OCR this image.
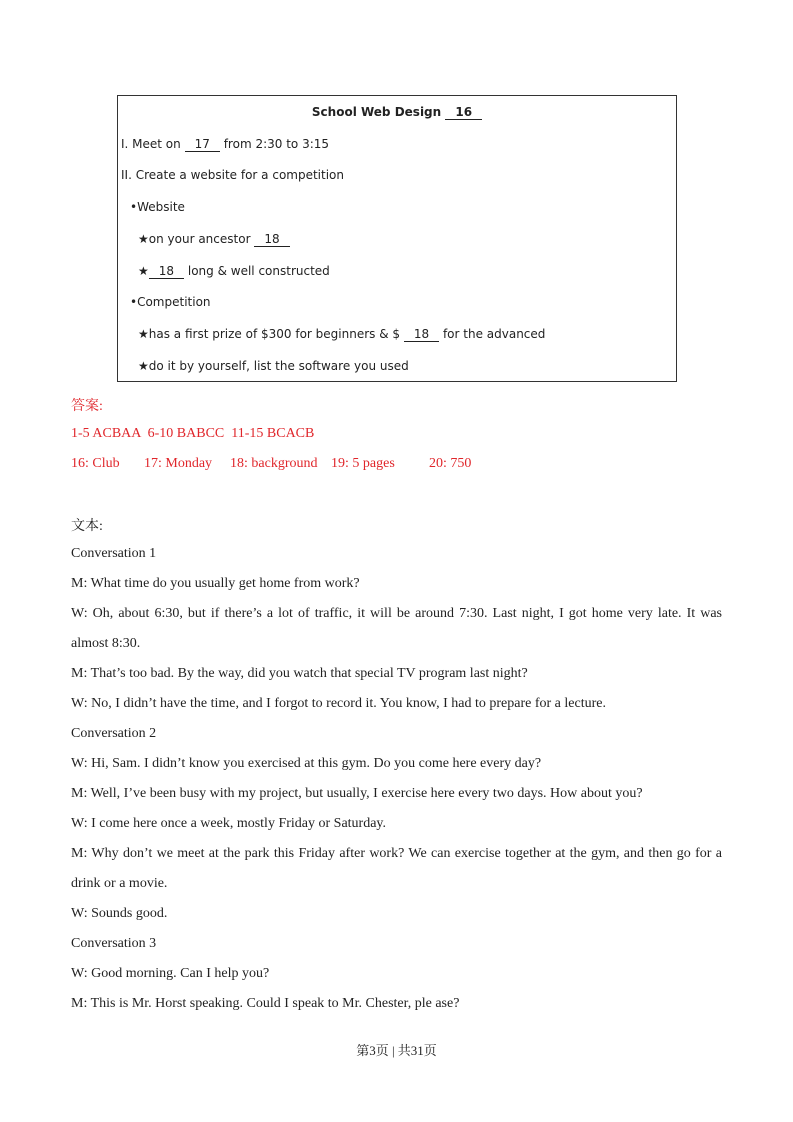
School Web Design 16
I. Meet on 17 from 2:30 to 3:15
II. Create a website for a competition
•Website
★on your ancestor 18
★ 18 long & well constructed
•Competition
★has a first prize of $300 for beginners & $ 18 for the advanced
★do it by yourself, list the software you used
答案:
1-5 ACBAA  6-10 BABCC  11-15 BCACB
16: Club 17: Monday 18: background 19: 5 pages 20: 750
文本:
Conversation 1
M: What time do you usually get home from work?
W: Oh, about 6:30, but if there’s a lot of traffic, it will be around 7:30. Last night, I got home very late. It was
almost 8:30.
M: That’s too bad. By the way, did you watch that special TV program last night?
W: No, I didn’t have the time, and I forgot to record it. You know, I had to prepare for a lecture.
Conversation 2
W: Hi, Sam. I didn’t know you exercised at this gym. Do you come here every day?
M: Well, I’ve been busy with my project, but usually, I exercise here every two days. How about you?
W: I come here once a week, mostly Friday or Saturday.
M: Why don’t we meet at the park this Friday after work? We can exercise together at the gym, and then go for a
drink or a movie.
W: Sounds good.
Conversation 3
W: Good morning. Can I help you?
M: This is Mr. Horst speaking. Could I speak to Mr. Chester, ple ase?
第3页 | 共31页
